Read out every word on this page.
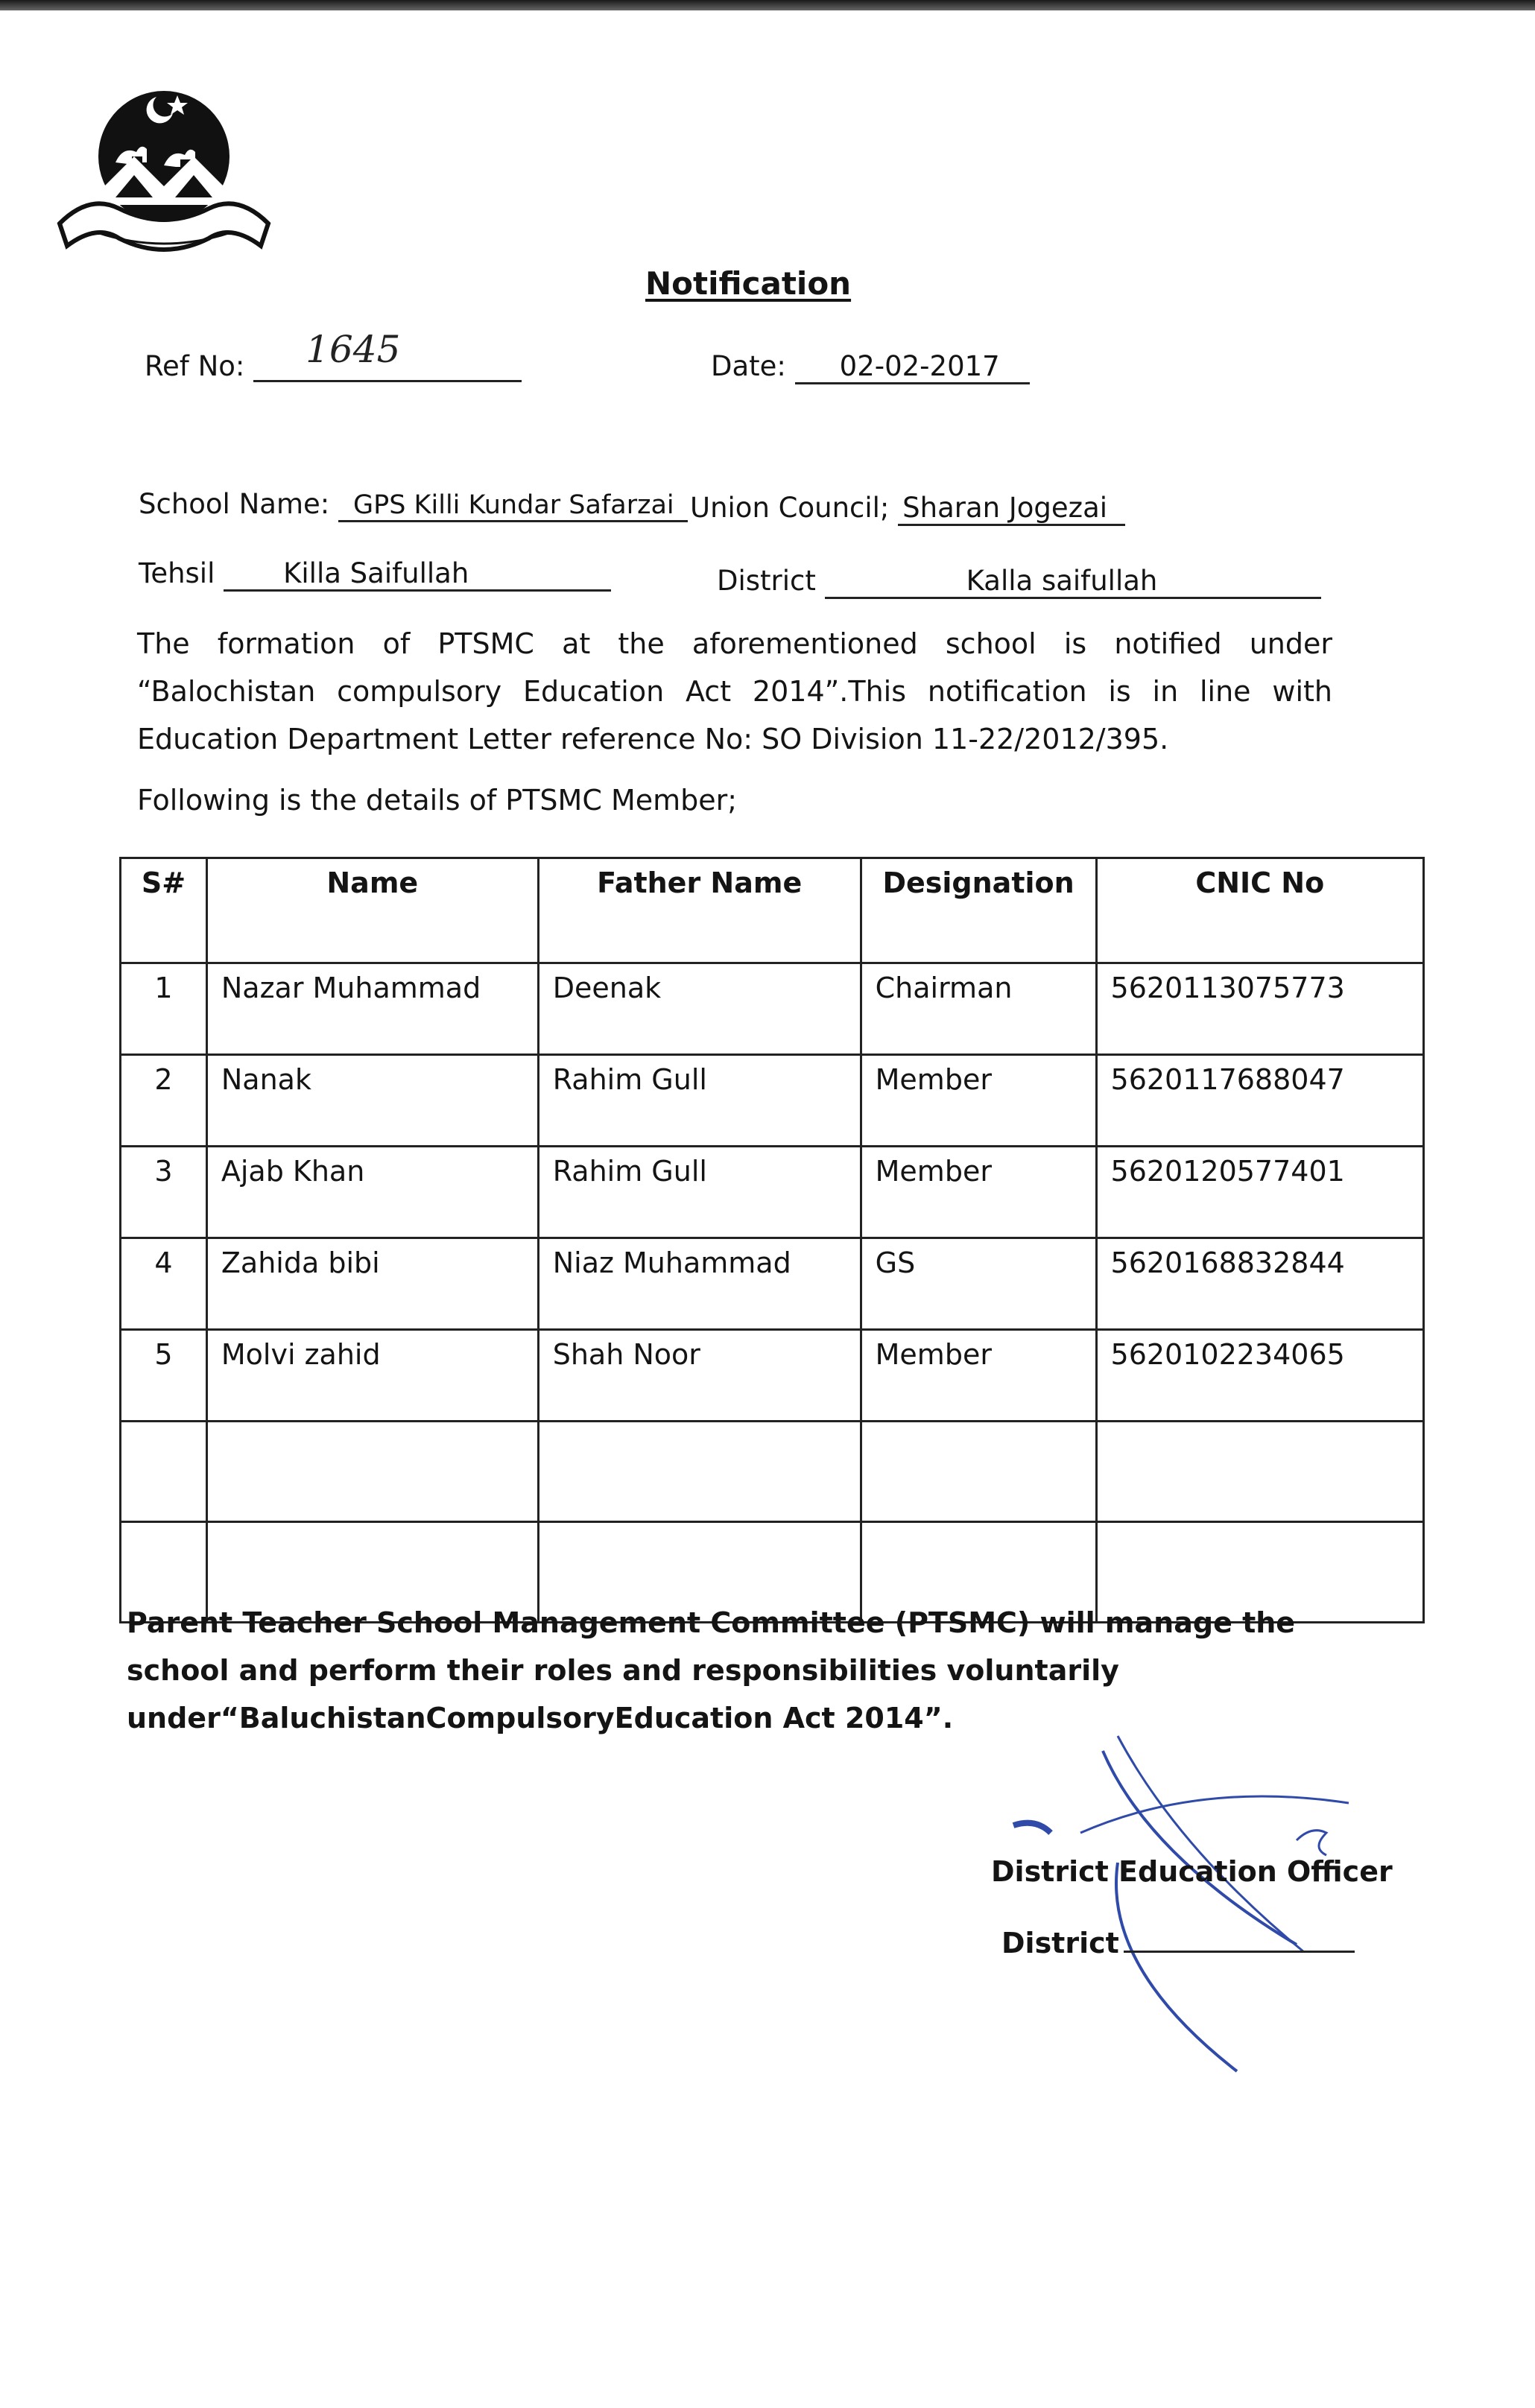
Notification
Ref No: 1645	Date: 02-02-2017
School Name: GPS Killi Kundar Safarzai Union Council; Sharan Jogezai
Tehsil Killa Saifullah	District	Kalla saifullah
The formation of PTSMC at the aforementioned school is notified under “Balochistan compulsory Education Act 2014”.This notification is in line with Education Department Letter reference No: SO Division 11-22/2012/395.
Following is the details of PTSMC Member;
S#	Name	Father Name	Designation	CNIC No
1	Nazar Muhammad	Deenak	Chairman	5620113075773
2	Nanak	Rahim Gull	Member	5620117688047
3	Ajab Khan	Rahim Gull	Member	5620120577401
4	Zahida bibi	Niaz Muhammad	GS	5620168832844
5	Molvi zahid	Shah Noor	Member	5620102234065

Parent Teacher School Management Committee (PTSMC) will manage the school and perform their roles and responsibilities voluntarily under“BaluchistanCompulsoryEducation Act 2014”.
District Education Officer
District
